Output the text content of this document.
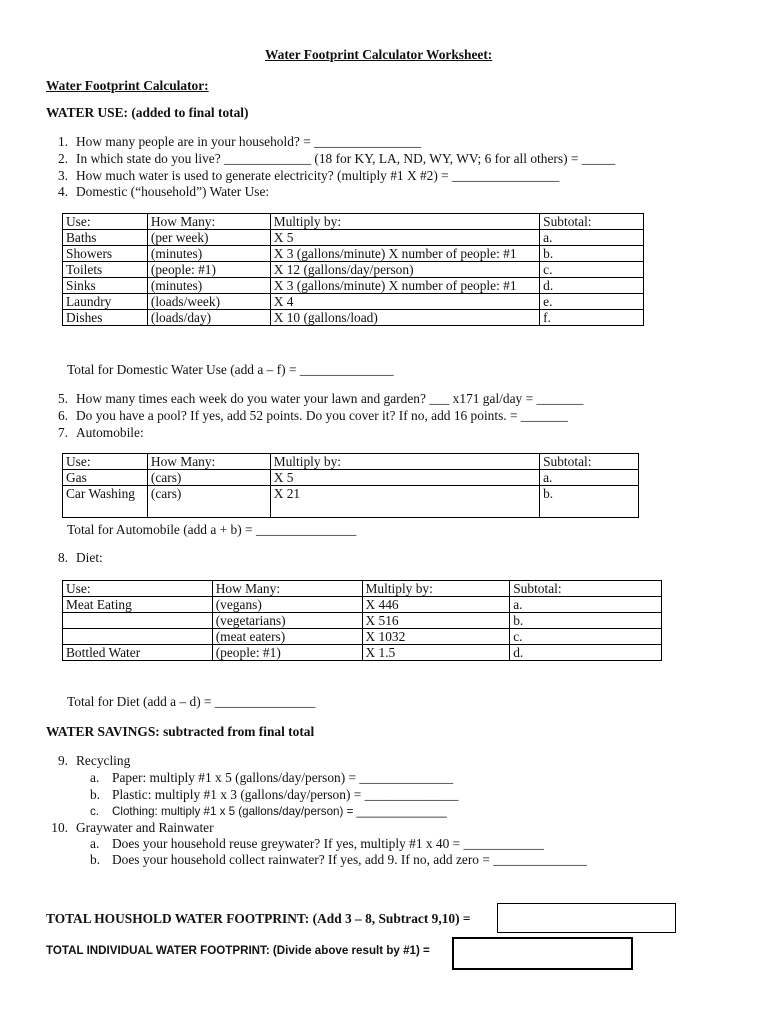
Water Footprint Calculator Worksheet:
Water Footprint Calculator:
WATER USE: (added to final total)
1. How many people are in your household? = ________________
2. In which state do you live? _____________ (18 for KY, LA, ND, WY, WV; 6 for all others) = _____
3. How much water is used to generate electricity? (multiply #1 X #2) = ________________
4. Domestic (“household”) Water Use:
Use:	How Many:	Multiply by:	Subtotal:
Baths	(per week)	X 5	a.
Showers	(minutes)	X 3 (gallons/minute) X number of people: #1	b.
Toilets	(people: #1)	X 12 (gallons/day/person)	c.
Sinks	(minutes)	X 3 (gallons/minute) X number of people: #1	d.
Laundry	(loads/week)	X 4	e.
Dishes	(loads/day)	X 10 (gallons/load)	f.
Total for Domestic Water Use (add a – f) = ______________
5. How many times each week do you water your lawn and garden? ___ x171 gal/day = _______
6. Do you have a pool? If yes, add 52 points. Do you cover it? If no, add 16 points. = _______
7. Automobile:
Use:	How Many:	Multiply by:	Subtotal:
Gas	(cars)	X 5	a.
Car Washing	(cars)	X 21	b.
Total for Automobile (add a + b) = _______________
8. Diet:
Use:	How Many:	Multiply by:	Subtotal:
Meat Eating	(vegans)	X 446	a.
	(vegetarians)	X 516	b.
	(meat eaters)	X 1032	c.
Bottled Water	(people: #1)	X 1.5	d.
Total for Diet (add a – d) = _______________
WATER SAVINGS: subtracted from final total
9. Recycling
a. Paper: multiply #1 x 5 (gallons/day/person) = ______________
b. Plastic: multiply #1 x 3 (gallons/day/person) = ______________
c. Clothing: multiply #1 x 5 (gallons/day/person) = ______________
10. Graywater and Rainwater
a. Does your household reuse greywater? If yes, multiply #1 x 40 = ____________
b. Does your household collect rainwater? If yes, add 9. If no, add zero = ______________
TOTAL HOUSHOLD WATER FOOTPRINT: (Add 3 – 8, Subtract 9,10) =
TOTAL INDIVIDUAL WATER FOOTPRINT: (Divide above result by #1) =
